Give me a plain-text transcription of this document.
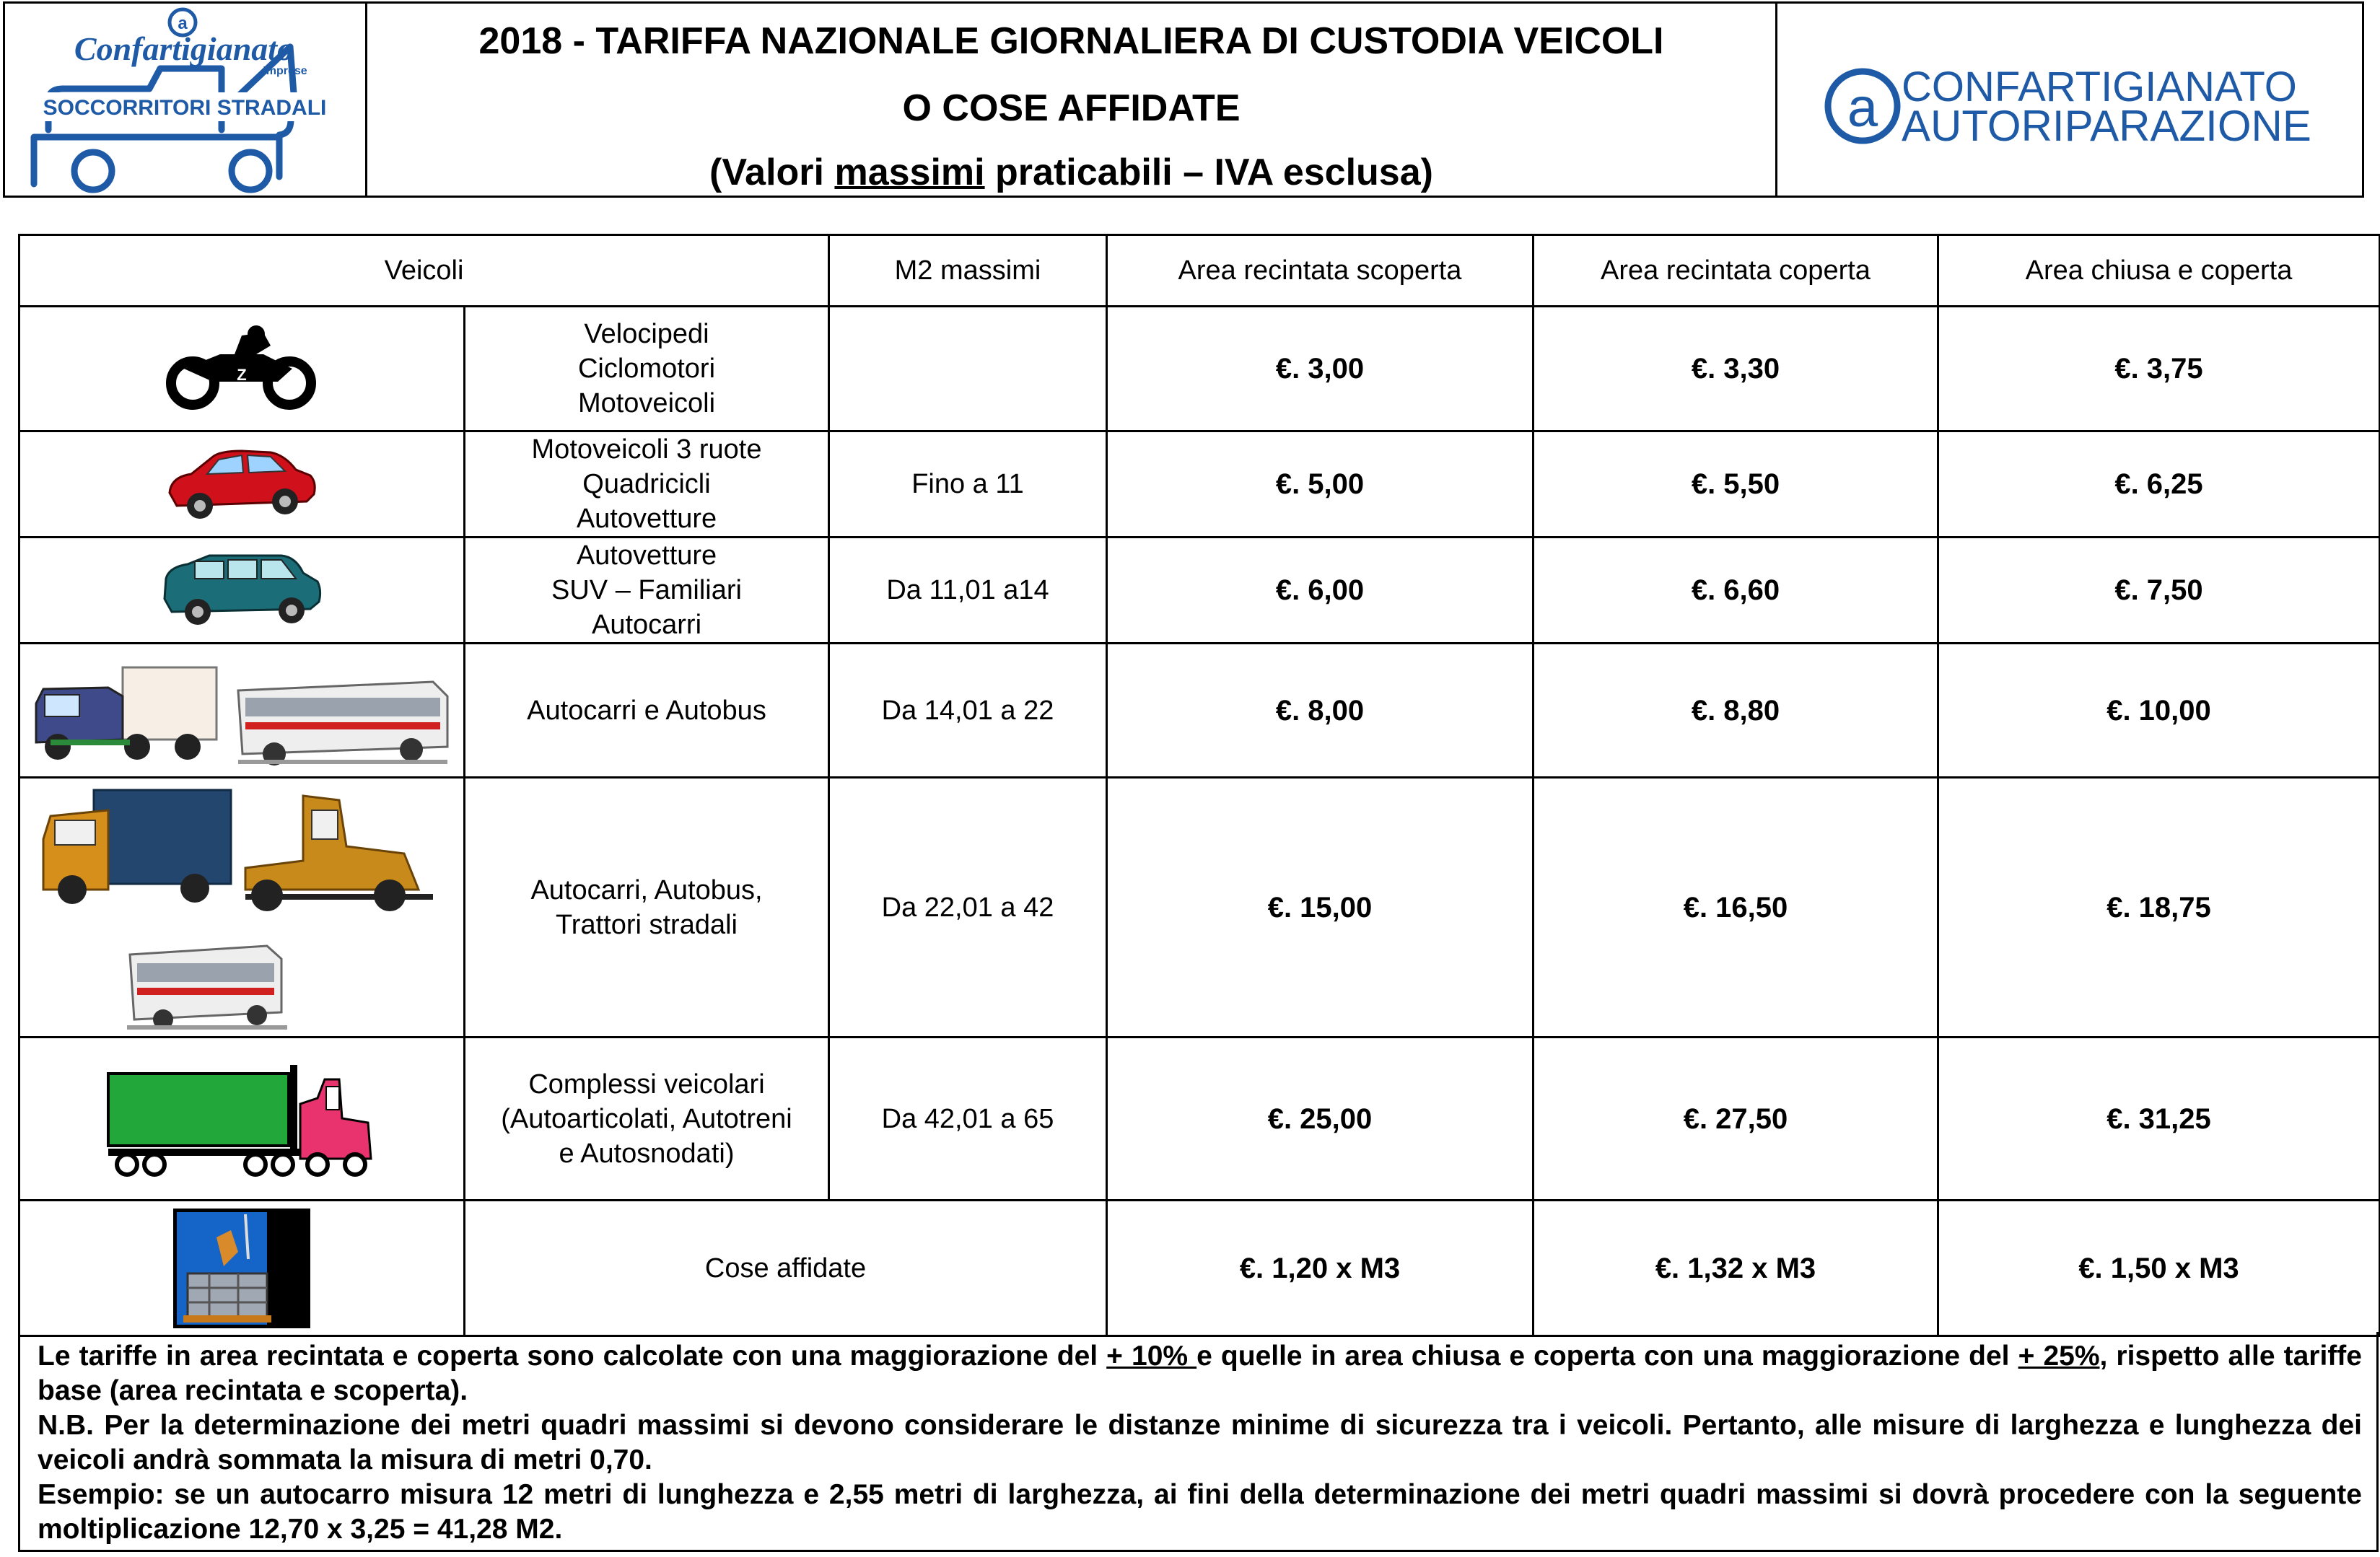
a
Confartigianato
Imprese
SOCCORRITORI STRADALI
2018 - TARIFFA NAZIONALE GIORNALIERA DI CUSTODIA VEICOLI
O COSE AFFIDATE
(Valori massimi praticabili – IVA esclusa)
a CONFARTIGIANATO
AUTORIPARAZIONE
Veicoli		M2 massimi	Area recintata scoperta	Area recintata coperta	Area chiusa e coperta

Z	Velocipedi
Ciclomotori
Motoveicoli		€. 3,00	€. 3,30	€. 3,75

Motoveicoli 3 ruote
Quadricicli
Autovetture	Fino a 11	€. 5,00	€. 5,50	€. 6,25

Autovetture
SUV – Familiari
Autocarri	Da 11,01 a14	€. 6,00	€. 6,60	€. 7,50

Autocarri e Autobus	Da 14,01 a 22	€. 8,00	€. 8,80	€. 10,00

Autocarri, Autobus,
Trattori stradali	Da 22,01 a 42	€. 15,00	€. 16,50	€. 18,75

Complessi veicolari
(Autoarticolati, Autotreni
e Autosnodati)	Da 42,01 a 65	€. 25,00	€. 27,50	€. 31,25

	Cose affidate		€. 1,20 x M3	€. 1,32 x M3	€. 1,50 x M3

Le tariffe in area recintata e coperta sono calcolate con una maggiorazione del + 10% e quelle in area chiusa e coperta con una maggiorazione del + 25%, rispetto alle tariffe base (area recintata e scoperta).

N.B. Per la determinazione dei metri quadri massimi si devono considerare le distanze minime di sicurezza tra i veicoli. Pertanto, alle misure di larghezza e lunghezza dei veicoli andrà sommata la misura di metri 0,70.

Esempio: se un autocarro misura 12 metri di lunghezza e 2,55 metri di larghezza, ai fini della determinazione dei metri quadri massimi si dovrà procedere con la seguente moltiplicazione 12,70 x 3,25 = 41,28 M2.
